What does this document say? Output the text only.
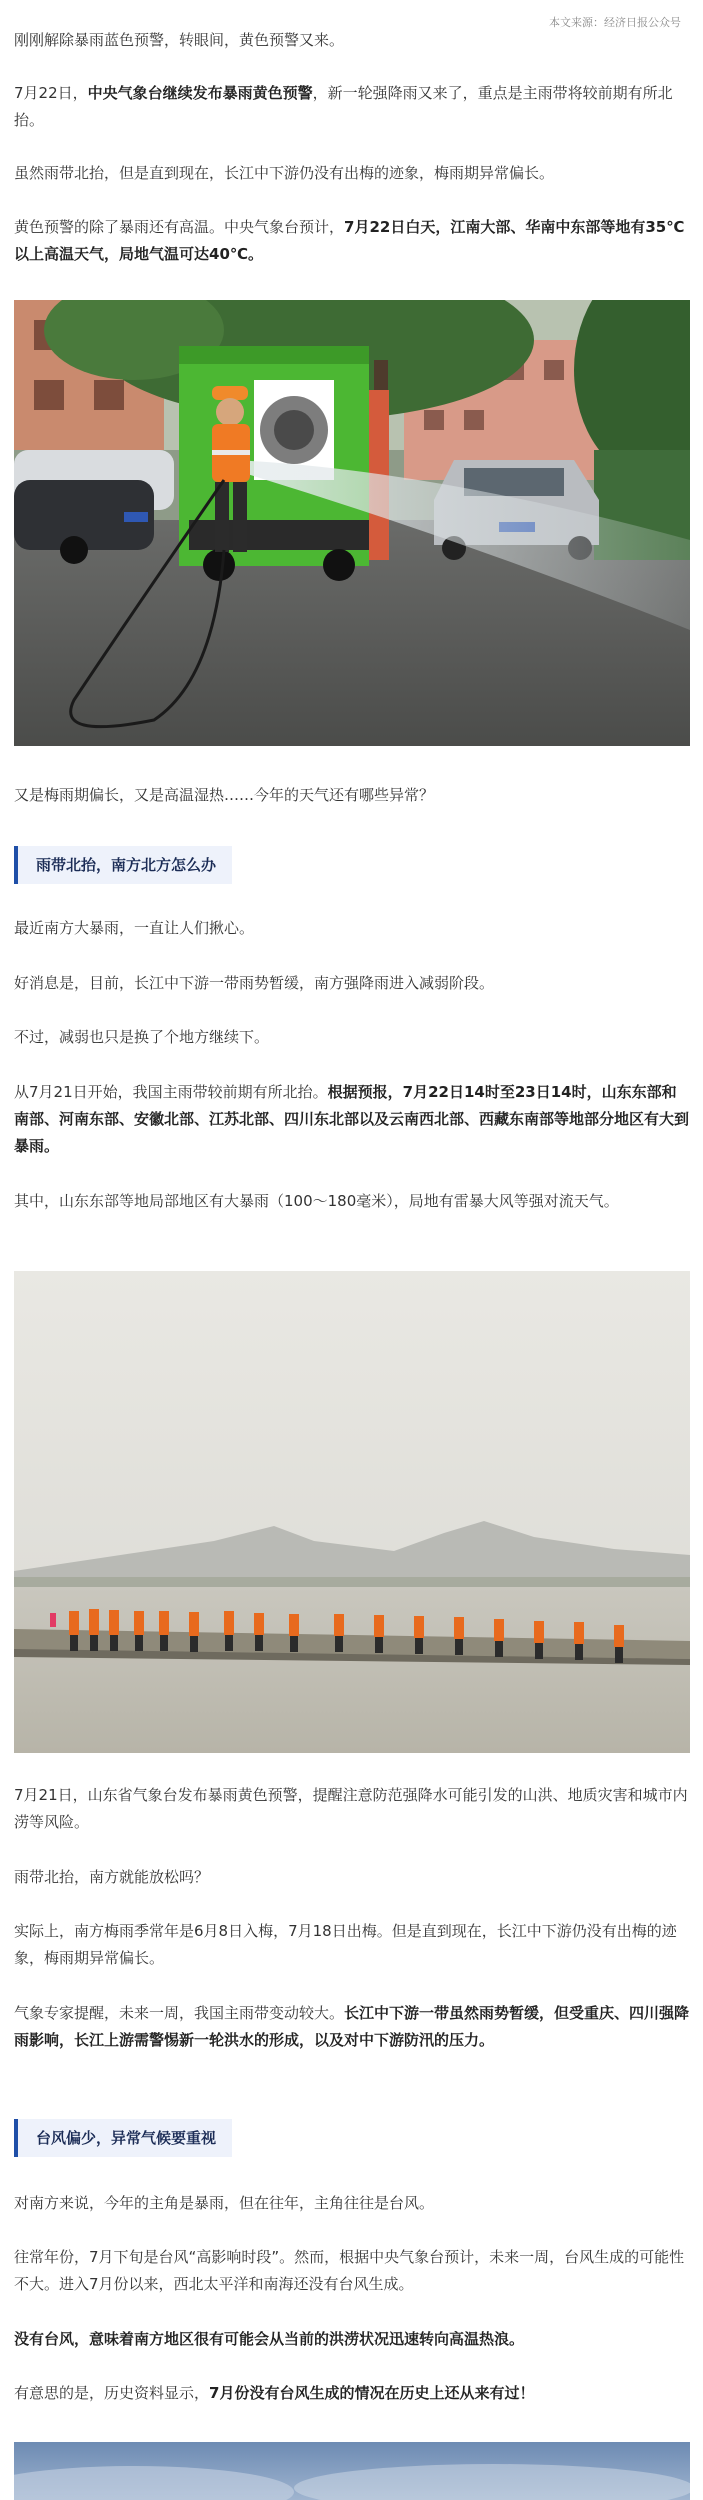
本文来源：经济日报公众号

刚刚解除暴雨蓝色预警，转眼间，黄色预警又来。

7月22日，中央气象台继续发布暴雨黄色预警，新一轮强降雨又来了，重点是主雨带将较前期有所北抬。

虽然雨带北抬，但是直到现在，长江中下游仍没有出梅的迹象，梅雨期异常偏长。

黄色预警的除了暴雨还有高温。中央气象台预计，7月22日白天，江南大部、华南中东部等地有35℃以上高温天气，局地气温可达40℃。

又是梅雨期偏长，又是高温湿热……今年的天气还有哪些异常？

雨带北抬，南方北方怎么办

最近南方大暴雨，一直让人们揪心。

好消息是，目前，长江中下游一带雨势暂缓，南方强降雨进入减弱阶段。

不过，减弱也只是换了个地方继续下。

从7月21日开始，我国主雨带较前期有所北抬。根据预报，7月22日14时至23日14时，山东东部和南部、河南东部、安徽北部、江苏北部、四川东北部以及云南西北部、西藏东南部等地部分地区有大到暴雨。

其中，山东东部等地局部地区有大暴雨（100～180毫米），局地有雷暴大风等强对流天气。

7月21日，山东省气象台发布暴雨黄色预警，提醒注意防范强降水可能引发的山洪、地质灾害和城市内涝等风险。

雨带北抬，南方就能放松吗？

实际上，南方梅雨季常年是6月8日入梅，7月18日出梅。但是直到现在，长江中下游仍没有出梅的迹象，梅雨期异常偏长。

气象专家提醒，未来一周，我国主雨带变动较大。长江中下游一带虽然雨势暂缓，但受重庆、四川强降雨影响，长江上游需警惕新一轮洪水的形成，以及对中下游防汛的压力。

台风偏少，异常气候要重视

对南方来说，今年的主角是暴雨，但在往年，主角往往是台风。

往常年份，7月下旬是台风“高影响时段”。然而，根据中央气象台预计，未来一周，台风生成的可能性不大。进入7月份以来，西北太平洋和南海还没有台风生成。

没有台风，意味着南方地区很有可能会从当前的洪涝状况迅速转向高温热浪。

有意思的是，历史资料显示，7月份没有台风生成的情况在历史上还从来有过！
